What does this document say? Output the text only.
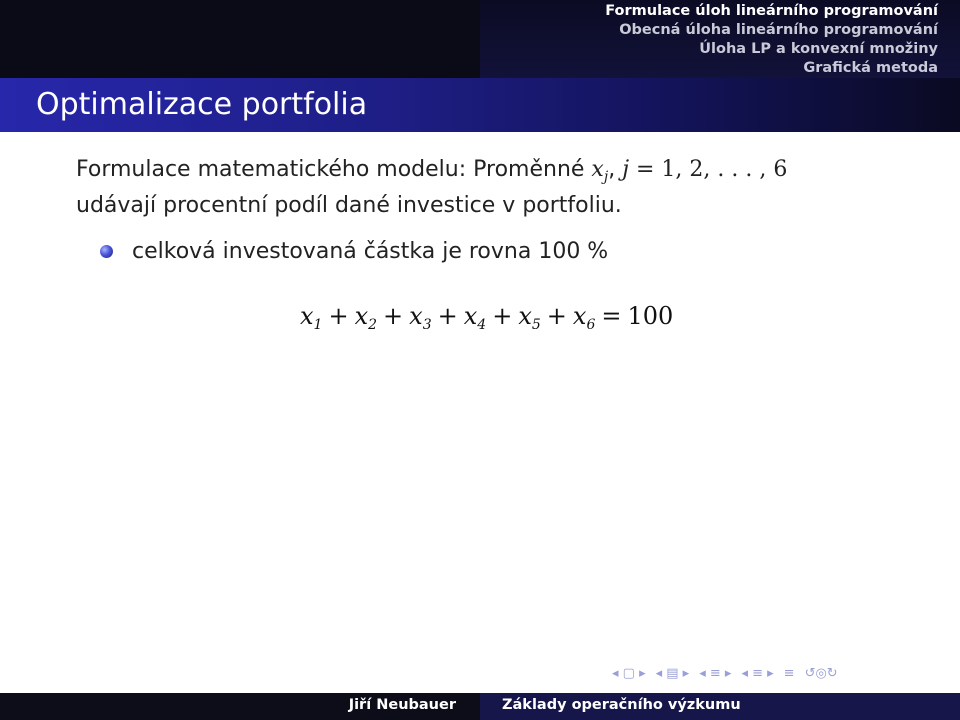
Formulace úloh lineárního programování
Obecná úloha lineárního programování
Úloha LP a konvexní množiny
Grafická metoda
Optimalizace portfolia
Formulace matematického modelu: Proměnné $x_j$, j = 1, 2, . . . , 6
udávají procentní podíl dané investice v portfoliu.
celková investovaná částka je rovna 100 %
$x_1 + x_2 + x_3 + x_4 + x_5 + x_6 = 100$
◂ ▢ ▸ ◂ ▤ ▸ ◂ ≡ ▸ ◂ ≡ ▸ ≡ ↺◎↻
Jiří Neubauer	Základy operačního výzkumu
